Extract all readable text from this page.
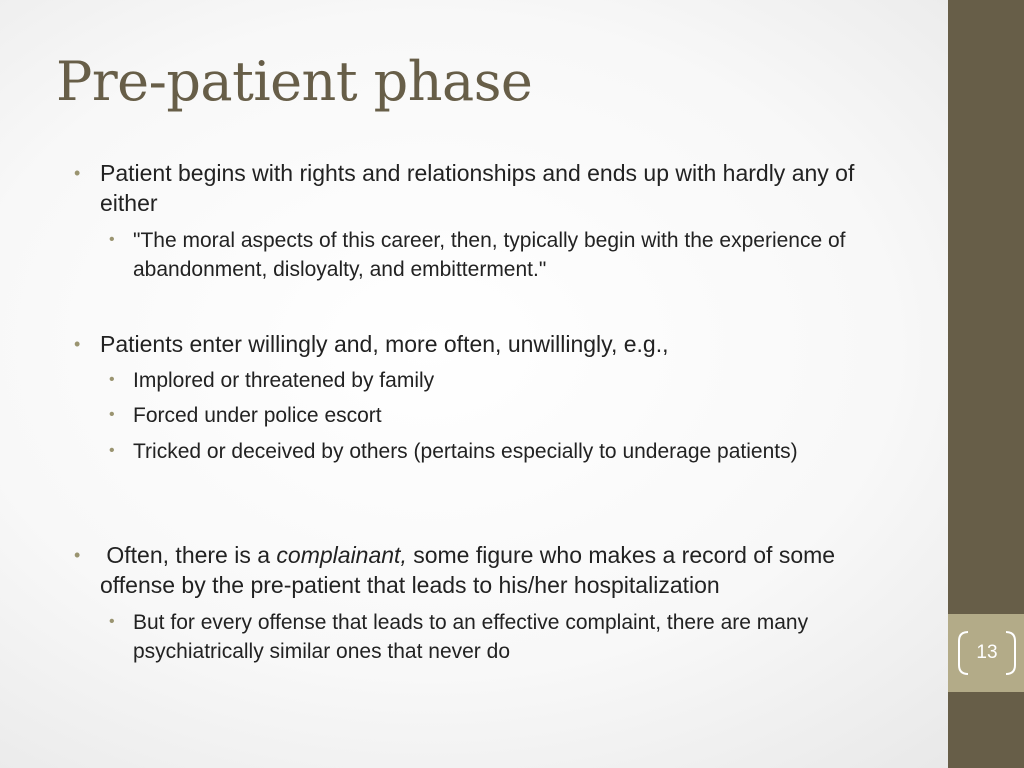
13
Pre-patient phase
• Patient begins with rights and relationships and ends up with hardly any of either
• "The moral aspects of this career, then, typically begin with the experience of abandonment, disloyalty, and embitterment."
• Patients enter willingly and, more often, unwillingly, e.g.,
• Implored or threatened by family
• Forced under police escort
• Tricked or deceived by others (pertains especially to underage patients)
• Often, there is a complainant, some figure who makes a record of some offense by the pre-patient that leads to his/her hospitalization
• But for every offense that leads to an effective complaint, there are many psychiatrically similar ones that never do
